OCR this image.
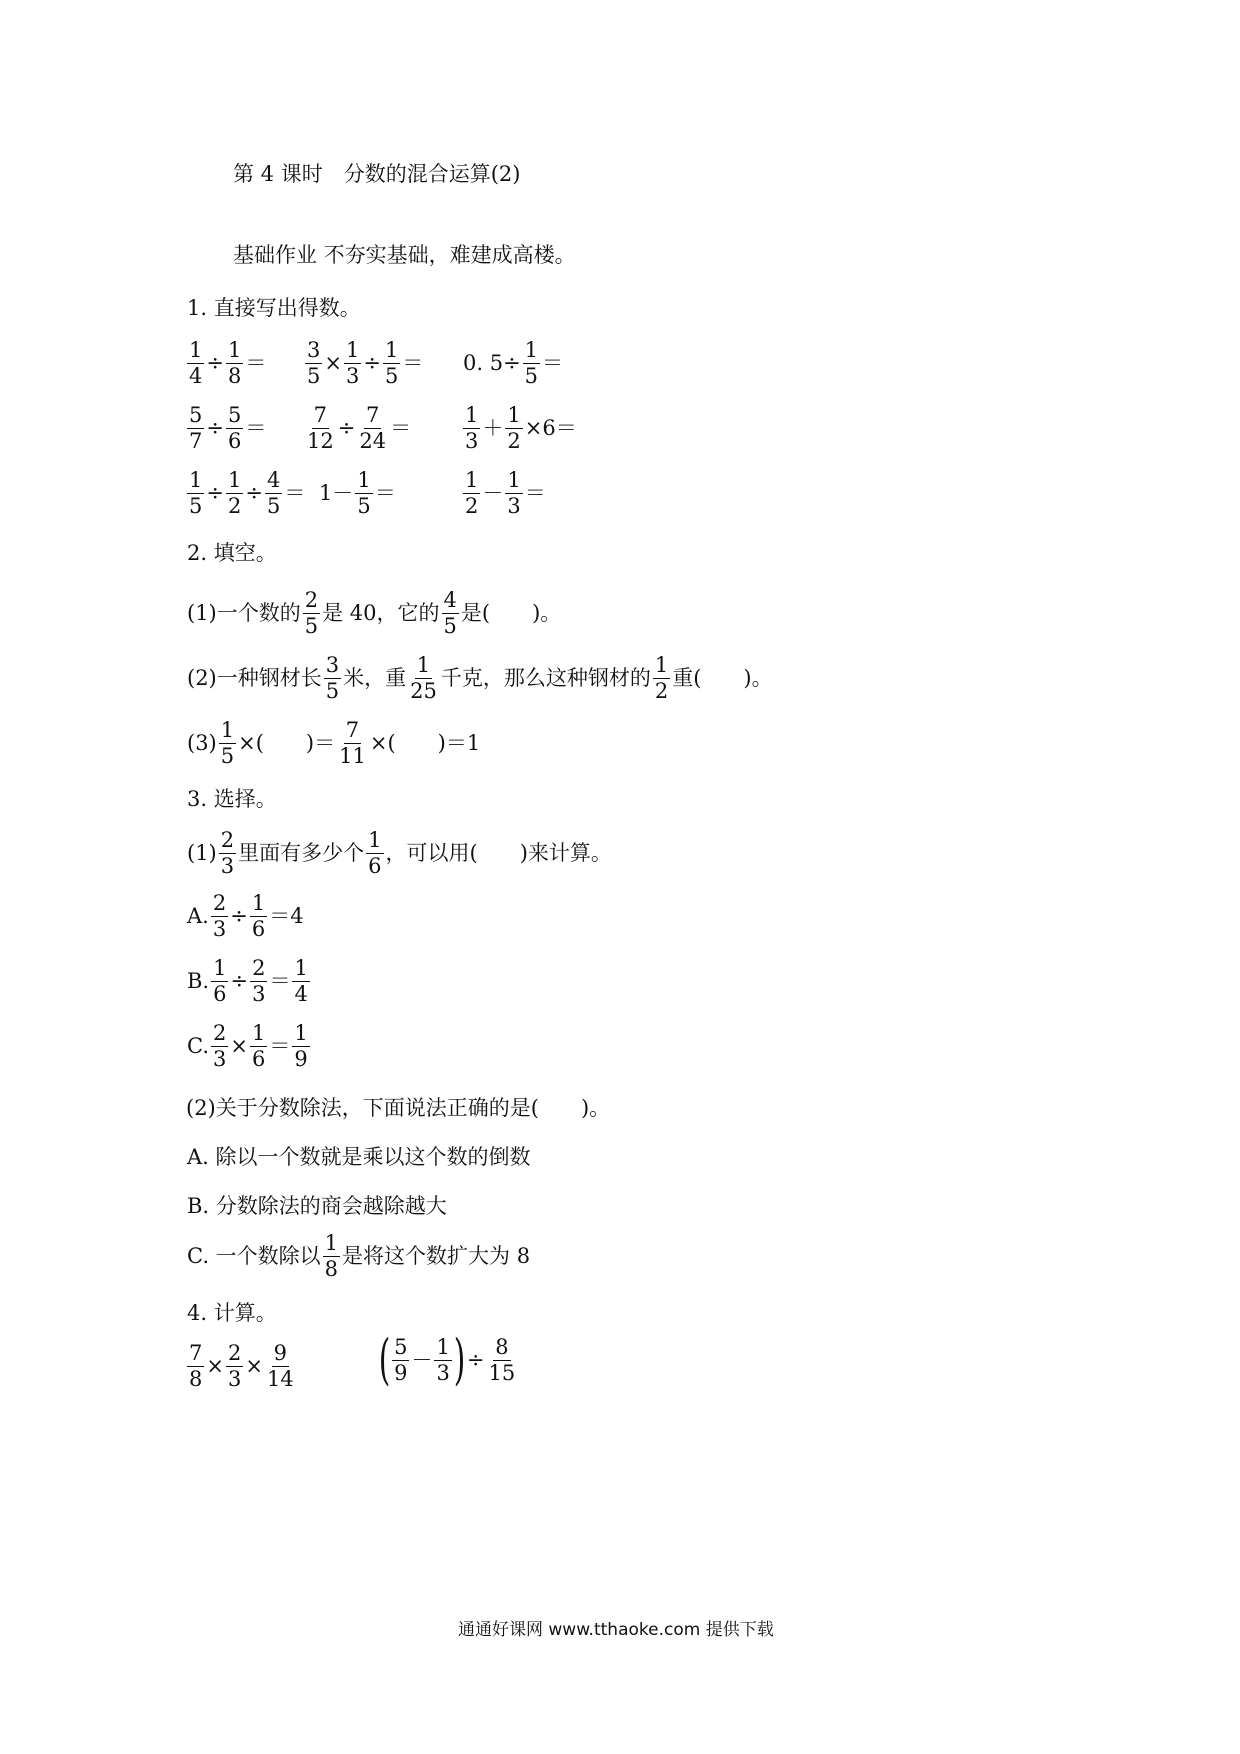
第 4 课时　分数的混合运算(2)
基础作业 不夯实基础，难建成高楼。
1. 直接写出得数。
$\frac{1}{4} \div \frac{1}{8} = \frac{3}{5} \times \frac{1}{3} \div \frac{1}{5} = 0$. $5\div \frac{1}{5}$ ＝
$\frac{5}{7} \div \frac{5}{6} = \frac{7}{12} \div \frac{7}{24} = \frac{1}{3} + \frac{1}{2} \times 6=$
$\frac{1}{5} \div \frac{1}{2} \div \frac{4}{5} = 1- \frac{1}{5}$ ＝	$\frac{1}{2} - \frac{1}{3}$ ＝
2. 填空。
(1)一个数的 $\frac{2}{5}$ 是 40，它的 $\frac{4}{5}$ 是(　　)。
(2)一种钢材长 $\frac{3}{5}$ 米，重 $\frac{1}{25}$ 千克，那么这种钢材的 $\frac{1}{2}$ 重(　　)。
$(3) \frac{1}{5}$ ×(　　)＝ $\frac{7}{11}$ ×(　　)＝1
3. 选择。
$(1) \frac{2}{3}$ 里面有多少个 $\frac{1}{6}$ ，可以用(　　)来计算。
A. $\frac{2}{3} \div \frac{1}{6} =4$
B. $\frac{1}{6} \div \frac{2}{3} = \frac{1}{4}$
C. $\frac{2}{3} \times \frac{1}{6} = \frac{1}{9}$
(2)关于分数除法，下面说法正确的是(　　)。
A. 除以一个数就是乘以这个数的倒数
B. 分数除法的商会越除越大
C. 一个数除以 $\frac{1}{8}$ 是将这个数扩大为 8
4. 计算。
$\frac{7}{8} \times \frac{2}{3} \times \frac{9}{14}$ ( $\frac{5}{9} - \frac{1}{3}$ )÷ $\frac{8}{15}$
通通好课网 www.tthaoke.com 提供下载
